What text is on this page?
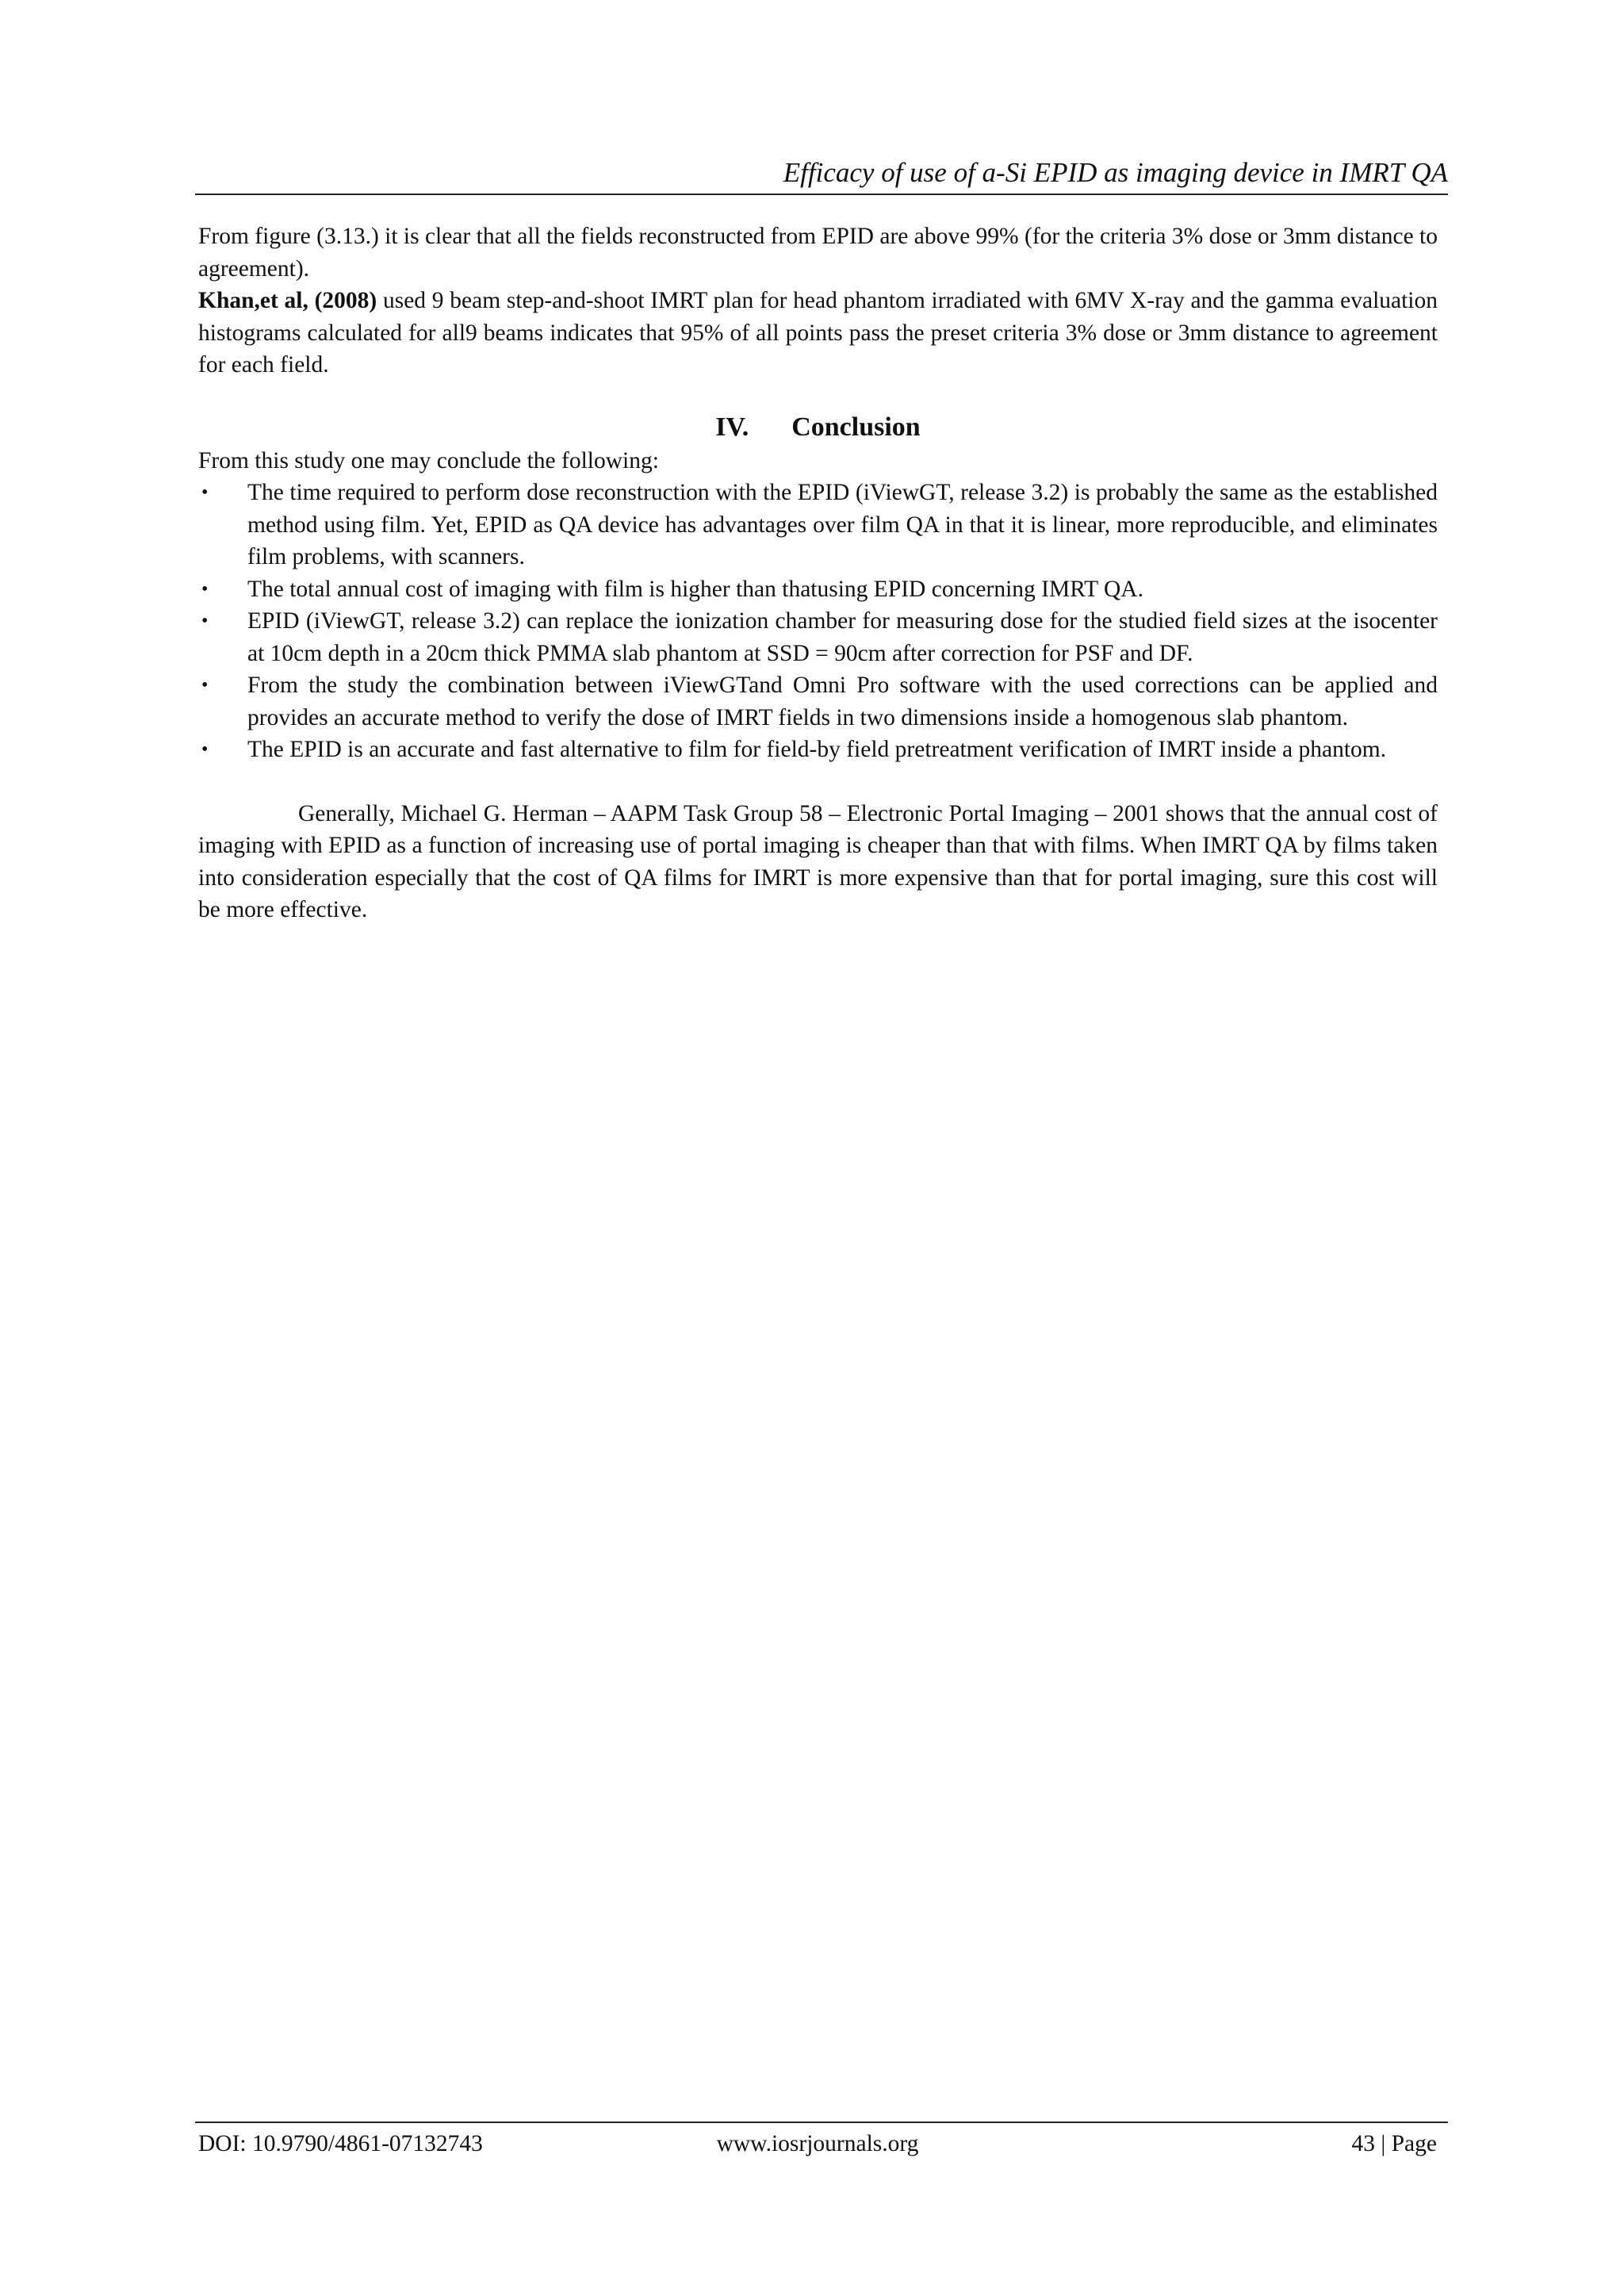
Efficacy of use of a-Si EPID as imaging device in IMRT QA

From figure (3.13.) it is clear that all the fields reconstructed from EPID are above 99% (for the criteria 3% dose or 3mm distance to agreement).

Khan,et al, (2008) used 9 beam step-and-shoot IMRT plan for head phantom irradiated with 6MV X-ray and the gamma evaluation histograms calculated for all9 beams indicates that 95% of all points pass the preset criteria 3% dose or 3mm distance to agreement for each field.

IV. Conclusion

From this study one may conclude the following:

• The time required to perform dose reconstruction with the EPID (iViewGT, release 3.2) is probably the same as the established method using film. Yet, EPID as QA device has advantages over film QA in that it is linear, more reproducible, and eliminates film problems, with scanners.
• The total annual cost of imaging with film is higher than thatusing EPID concerning IMRT QA.
• EPID (iViewGT, release 3.2) can replace the ionization chamber for measuring dose for the studied field sizes at the isocenter at 10cm depth in a 20cm thick PMMA slab phantom at SSD = 90cm after correction for PSF and DF.
• From the study the combination between iViewGTand Omni Pro software with the used corrections can be applied and provides an accurate method to verify the dose of IMRT fields in two dimensions inside a homogenous slab phantom.
• The EPID is an accurate and fast alternative to film for field-by field pretreatment verification of IMRT inside a phantom.

Generally, Michael G. Herman – AAPM Task Group 58 – Electronic Portal Imaging – 2001 shows that the annual cost of imaging with EPID as a function of increasing use of portal imaging is cheaper than that with films. When IMRT QA by films taken into consideration especially that the cost of QA films for IMRT is more expensive than that for portal imaging, sure this cost will be more effective.

DOI: 10.9790/4861-07132743	www.iosrjournals.org	43 | Page
